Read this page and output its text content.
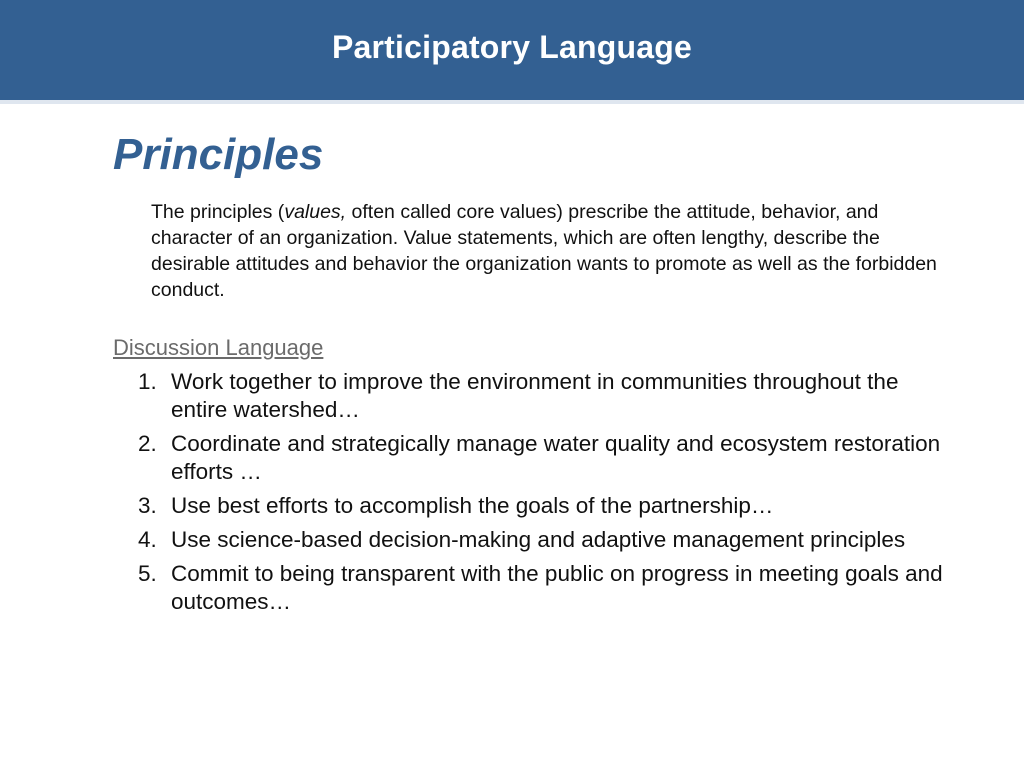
Participatory Language
Principles
The principles (values, often called core values) prescribe the attitude, behavior, and character of an organization. Value statements, which are often lengthy, describe the desirable attitudes and behavior the organization wants to promote as well as the forbidden conduct.
Discussion Language
1. Work together to improve the environment in communities throughout the entire watershed…
2. Coordinate and strategically manage water quality and ecosystem restoration efforts …
3. Use best efforts to accomplish the goals of the partnership…
4. Use science-based decision-making and adaptive management principles
5. Commit to being transparent with the public on progress in meeting goals and outcomes…
